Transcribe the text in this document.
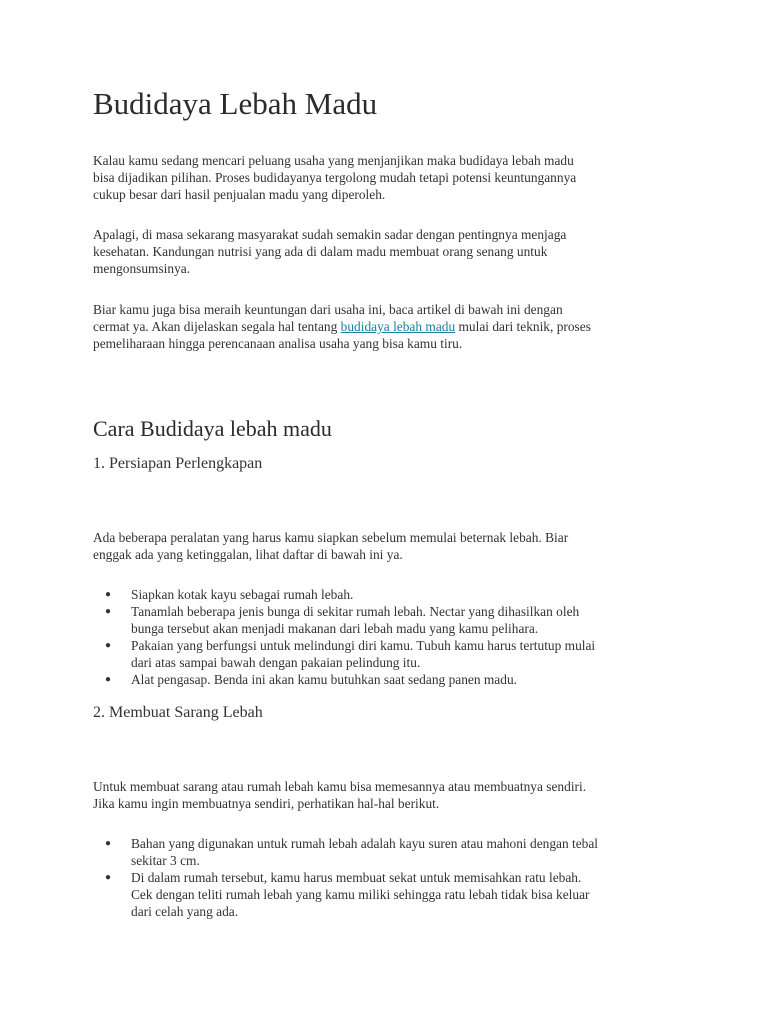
Budidaya Lebah Madu

Kalau kamu sedang mencari peluang usaha yang menjanjikan maka budidaya lebah madu
bisa dijadikan pilihan. Proses budidayanya tergolong mudah tetapi potensi keuntungannya
cukup besar dari hasil penjualan madu yang diperoleh.

Apalagi, di masa sekarang masyarakat sudah semakin sadar dengan pentingnya menjaga
kesehatan. Kandungan nutrisi yang ada di dalam madu membuat orang senang untuk
mengonsumsinya.

Biar kamu juga bisa meraih keuntungan dari usaha ini, baca artikel di bawah ini dengan
cermat ya. Akan dijelaskan segala hal tentang budidaya lebah madu mulai dari teknik, proses
pemeliharaan hingga perencanaan analisa usaha yang bisa kamu tiru.

Cara Budidaya lebah madu
1. Persiapan Perlengkapan

Ada beberapa peralatan yang harus kamu siapkan sebelum memulai beternak lebah. Biar
enggak ada yang ketinggalan, lihat daftar di bawah ini ya.

● Siapkan kotak kayu sebagai rumah lebah.
● Tanamlah beberapa jenis bunga di sekitar rumah lebah. Nectar yang dihasilkan oleh
bunga tersebut akan menjadi makanan dari lebah madu yang kamu pelihara.
● Pakaian yang berfungsi untuk melindungi diri kamu. Tubuh kamu harus tertutup mulai
dari atas sampai bawah dengan pakaian pelindung itu.
● Alat pengasap. Benda ini akan kamu butuhkan saat sedang panen madu.
2. Membuat Sarang Lebah

Untuk membuat sarang atau rumah lebah kamu bisa memesannya atau membuatnya sendiri.
Jika kamu ingin membuatnya sendiri, perhatikan hal-hal berikut.

● Bahan yang digunakan untuk rumah lebah adalah kayu suren atau mahoni dengan tebal
sekitar 3 cm.
● Di dalam rumah tersebut, kamu harus membuat sekat untuk memisahkan ratu lebah.
Cek dengan teliti rumah lebah yang kamu miliki sehingga ratu lebah tidak bisa keluar
dari celah yang ada.
